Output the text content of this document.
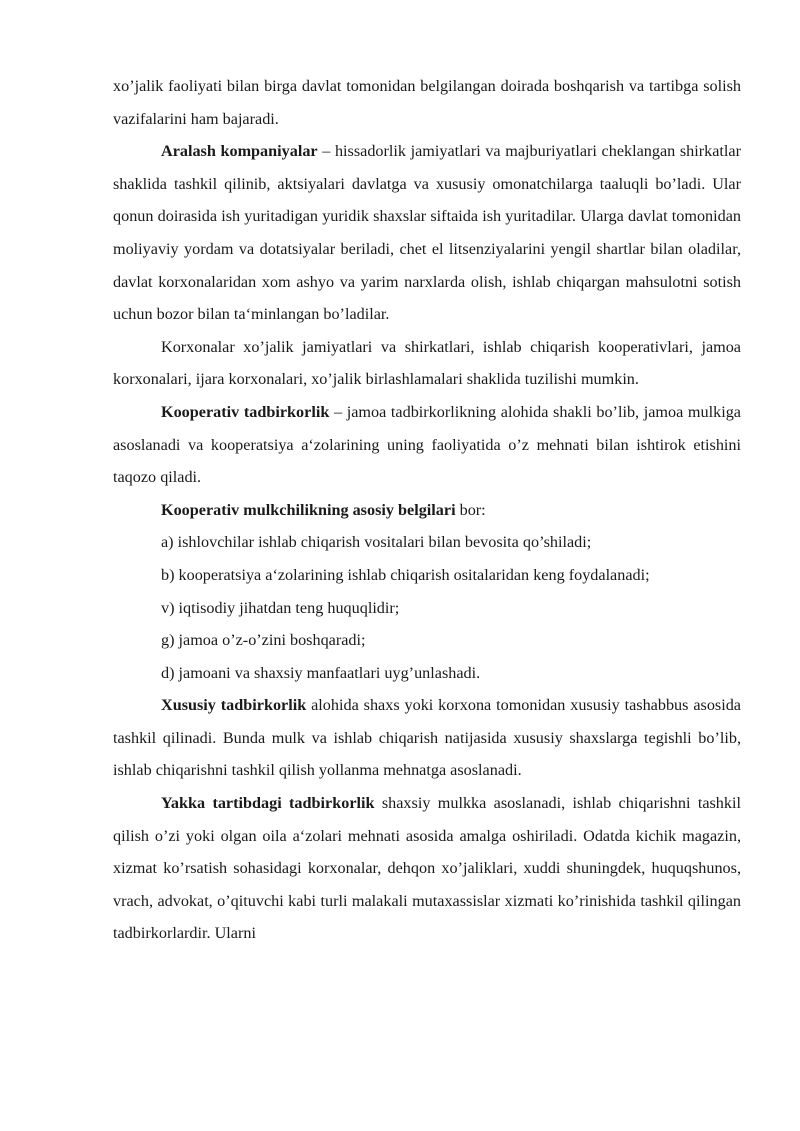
xo’jalik faoliyati bilan birga davlat tomonidan belgilangan doirada boshqarish va tartibga solish vazifalarini ham bajaradi.

Aralash kompaniyalar – hissadorlik jamiyatlari va majburiyatlari cheklangan shirkatlar shaklida tashkil qilinib, aktsiyalari davlatga va xususiy omonatchilarga taaluqli bo’ladi. Ular qonun doirasida ish yuritadigan yuridik shaxslar siftaida ish yuritadilar. Ularga davlat tomonidan moliyaviy yordam va dotatsiyalar beriladi, chet el litsenziyalarini yengil shartlar bilan oladilar, davlat korxonalaridan xom ashyo va yarim narxlarda olish, ishlab chiqargan mahsulotni sotish uchun bozor bilan ta‘minlangan bo’ladilar.

Korxonalar xo’jalik jamiyatlari va shirkatlari, ishlab chiqarish kooperativlari, jamoa korxonalari, ijara korxonalari, xo’jalik birlashlamalari shaklida tuzilishi mumkin.

Kooperativ tadbirkorlik – jamoa tadbirkorlikning alohida shakli bo’lib, jamoa mulkiga asoslanadi va kooperatsiya a‘zolarining uning faoliyatida o’z mehnati bilan ishtirok etishini taqozo qiladi.

Kooperativ mulkchilikning asosiy belgilari bor:

a) ishlovchilar ishlab chiqarish vositalari bilan bevosita qo’shiladi;

b) kooperatsiya a‘zolarining ishlab chiqarish ositalaridan keng foydalanadi;

v) iqtisodiy jihatdan teng huquqlidir;

g) jamoa o’z-o’zini boshqaradi;

d) jamoani va shaxsiy manfaatlari uyg’unlashadi.

Xususiy tadbirkorlik alohida shaxs yoki korxona tomonidan xususiy tashabbus asosida tashkil qilinadi. Bunda mulk va ishlab chiqarish natijasida xususiy shaxslarga tegishli bo’lib, ishlab chiqarishni tashkil qilish yollanma mehnatga asoslanadi.

Yakka tartibdagi tadbirkorlik shaxsiy mulkka asoslanadi, ishlab chiqarishni tashkil qilish o’zi yoki olgan oila a‘zolari mehnati asosida amalga oshiriladi. Odatda kichik magazin, xizmat ko’rsatish sohasidagi korxonalar, dehqon xo’jaliklari, xuddi shuningdek, huquqshunos, vrach, advokat, o’qituvchi kabi turli malakali mutaxassislar xizmati ko’rinishida tashkil qilingan tadbirkorlardir. Ularni
